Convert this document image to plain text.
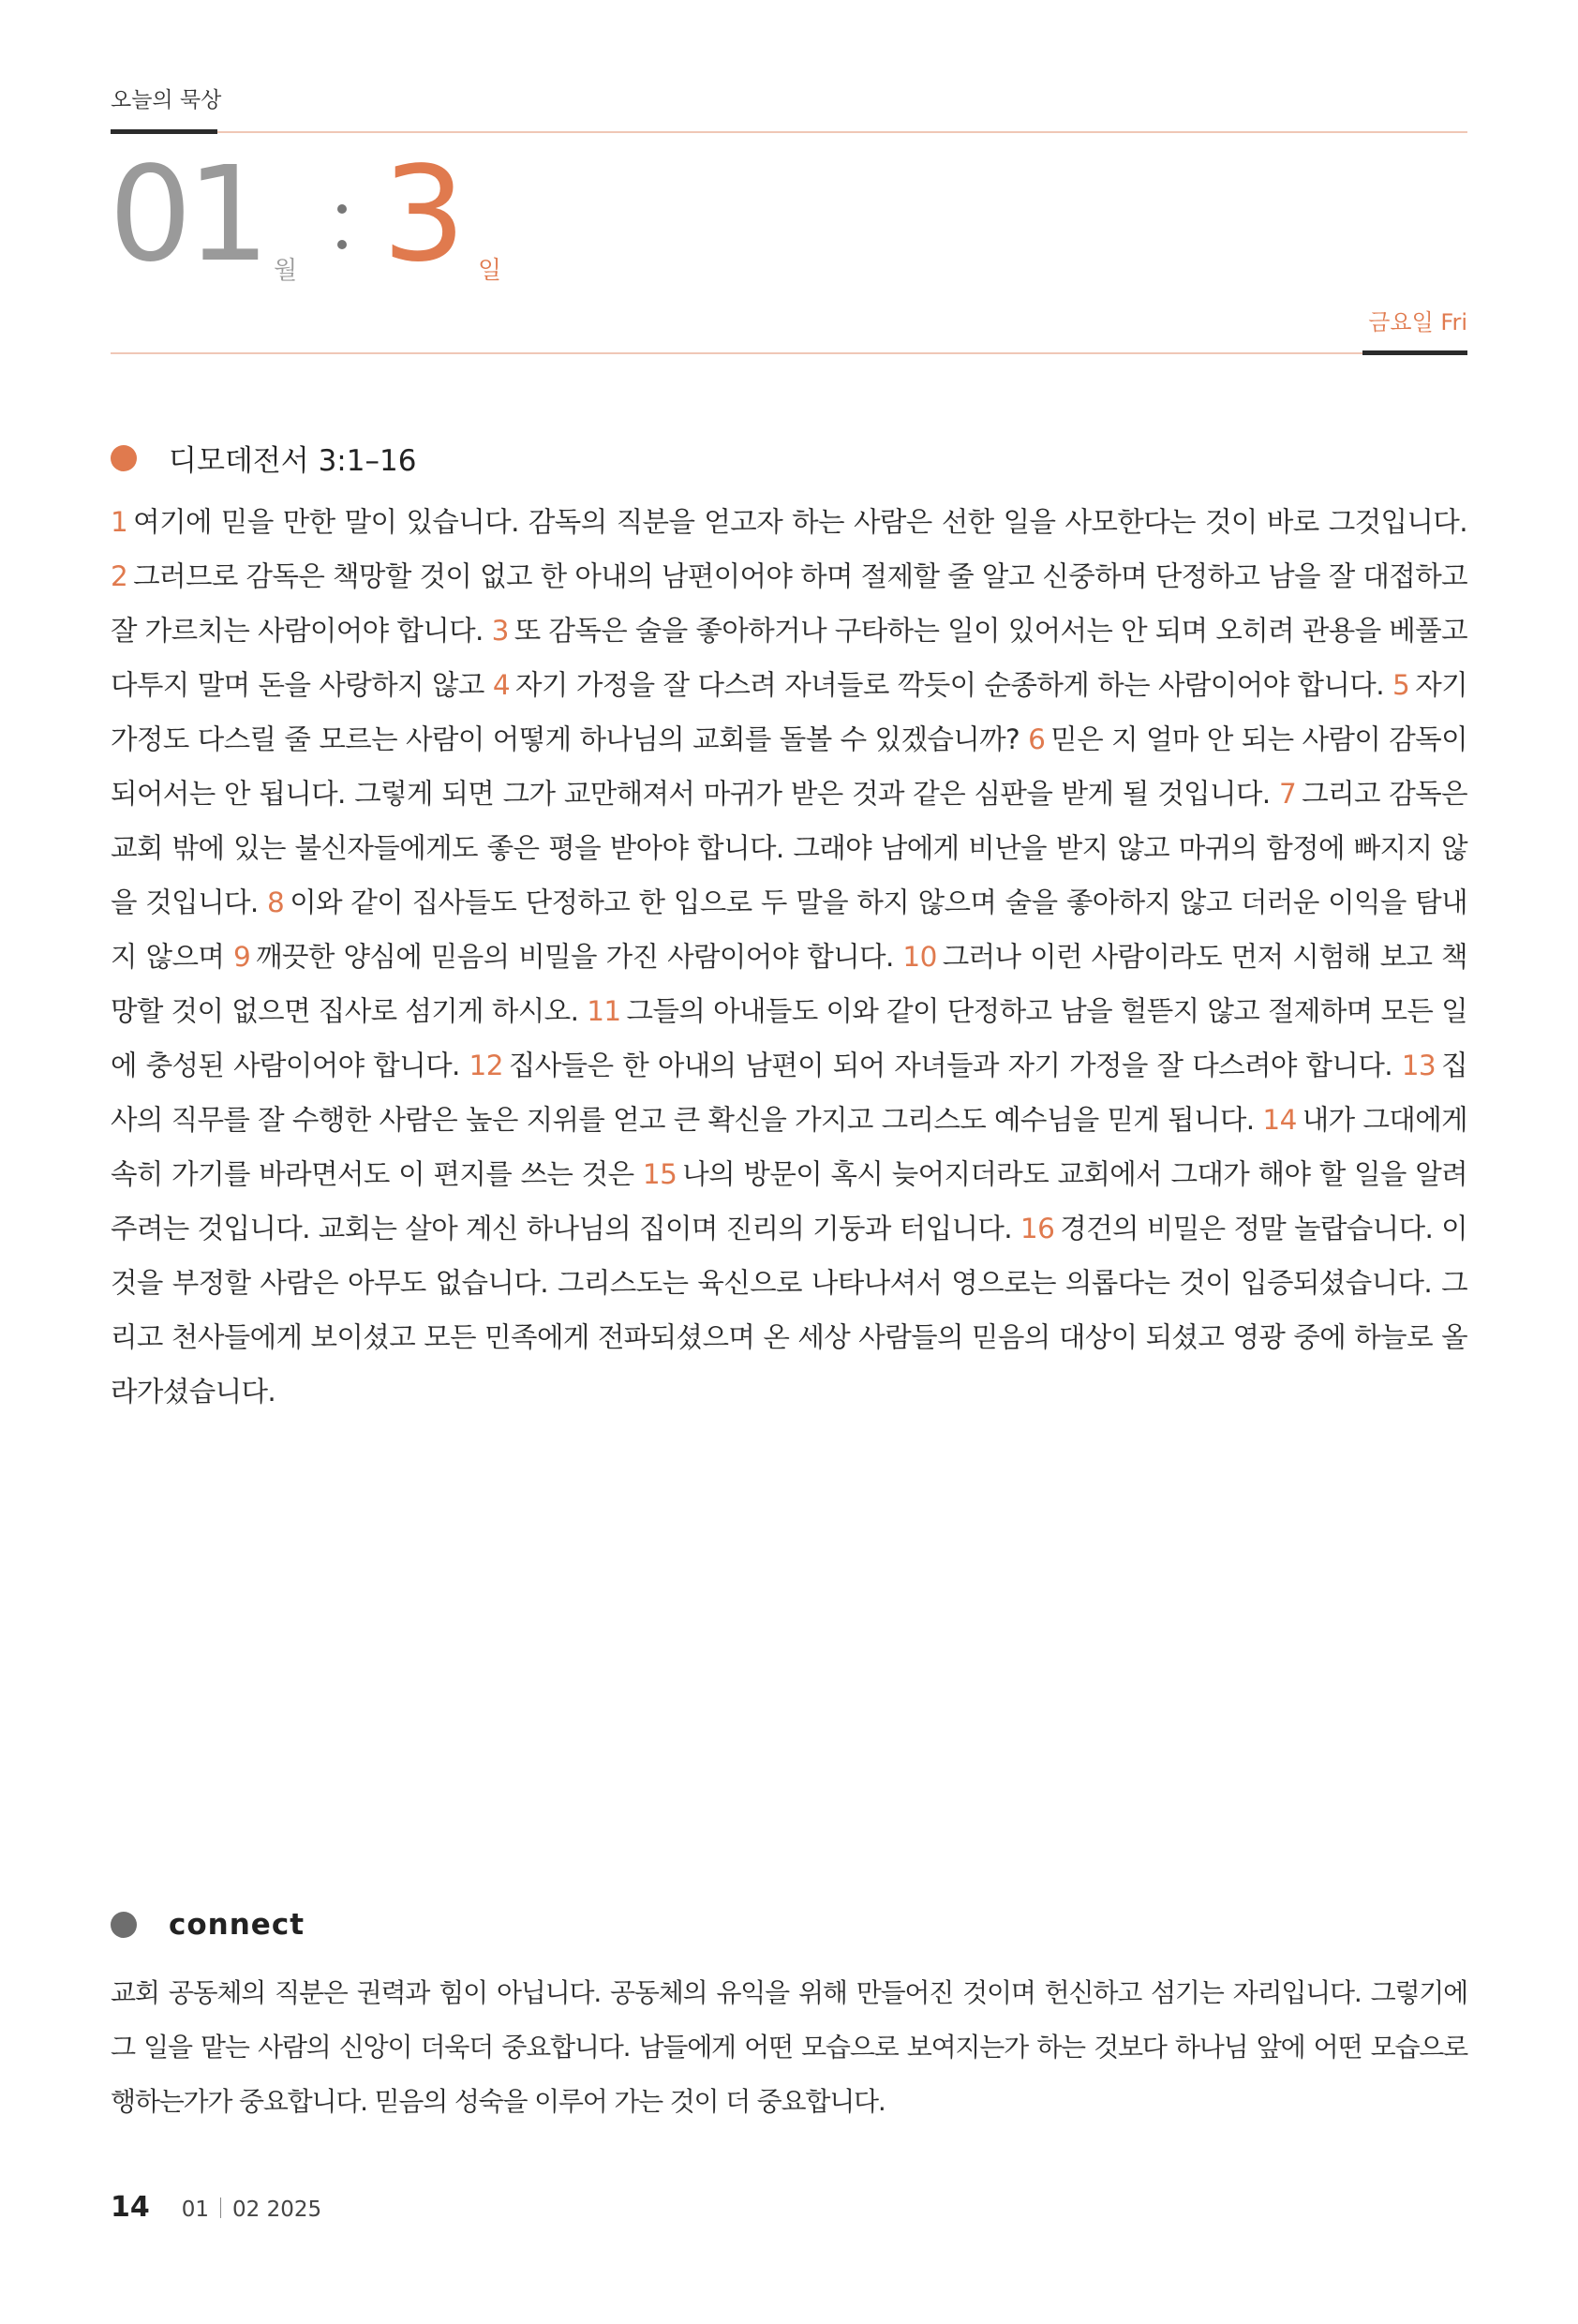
오늘의 묵상
01 월 3 일
금요일 Fri
디모데전서 3:1–16
1 여기에 믿을 만한 말이 있습니다. 감독의 직분을 얻고자 하는 사람은 선한 일을 사모한다는 것이 바로 그것입니다. 2 그러므로 감독은 책망할 것이 없고 한 아내의 남편이어야 하며 절제할 줄 알고 신중하며 단정하고 남을 잘 대접하고 잘 가르치는 사람이어야 합니다. 3 또 감독은 술을 좋아하거나 구타하는 일이 있어서는 안 되며 오히려 관용을 베풀고 다투지 말며 돈을 사랑하지 않고 4 자기 가정을 잘 다스려 자녀들로 깍듯이 순종하게 하는 사람이어야 합니다. 5 자기 가정도 다스릴 줄 모르는 사람이 어떻게 하나님의 교회를 돌볼 수 있겠습니까? 6 믿은 지 얼마 안 되는 사람이 감독이 되어서는 안 됩니다. 그렇게 되면 그가 교만해져서 마귀가 받은 것과 같은 심판을 받게 될 것입니다. 7 그리고 감독은 교회 밖에 있는 불신자들에게도 좋은 평을 받아야 합니다. 그래야 남에게 비난을 받지 않고 마귀의 함정에 빠지지 않을 것입니다. 8 이와 같이 집사들도 단정하고 한 입으로 두 말을 하지 않으며 술을 좋아하지 않고 더러운 이익을 탐내지 않으며 9 깨끗한 양심에 믿음의 비밀을 가진 사람이어야 합니다. 10 그러나 이런 사람이라도 먼저 시험해 보고 책망할 것이 없으면 집사로 섬기게 하시오. 11 그들의 아내들도 이와 같이 단정하고 남을 헐뜯지 않고 절제하며 모든 일에 충성된 사람이어야 합니다. 12 집사들은 한 아내의 남편이 되어 자녀들과 자기 가정을 잘 다스려야 합니다. 13 집사의 직무를 잘 수행한 사람은 높은 지위를 얻고 큰 확신을 가지고 그리스도 예수님을 믿게 됩니다. 14 내가 그대에게 속히 가기를 바라면서도 이 편지를 쓰는 것은 15 나의 방문이 혹시 늦어지더라도 교회에서 그대가 해야 할 일을 알려 주려는 것입니다. 교회는 살아 계신 하나님의 집이며 진리의 기둥과 터입니다. 16 경건의 비밀은 정말 놀랍습니다. 이것을 부정할 사람은 아무도 없습니다. 그리스도는 육신으로 나타나셔서 영으로는 의롭다는 것이 입증되셨습니다. 그리고 천사들에게 보이셨고 모든 민족에게 전파되셨으며 온 세상 사람들의 믿음의 대상이 되셨고 영광 중에 하늘로 올라가셨습니다.
connect
교회 공동체의 직분은 권력과 힘이 아닙니다. 공동체의 유익을 위해 만들어진 것이며 헌신하고 섬기는 자리입니다. 그렇기에 그 일을 맡는 사람의 신앙이 더욱더 중요합니다. 남들에게 어떤 모습으로 보여지는가 하는 것보다 하나님 앞에 어떤 모습으로 행하는가가 중요합니다. 믿음의 성숙을 이루어 가는 것이 더 중요합니다.
14 01 02 2025
